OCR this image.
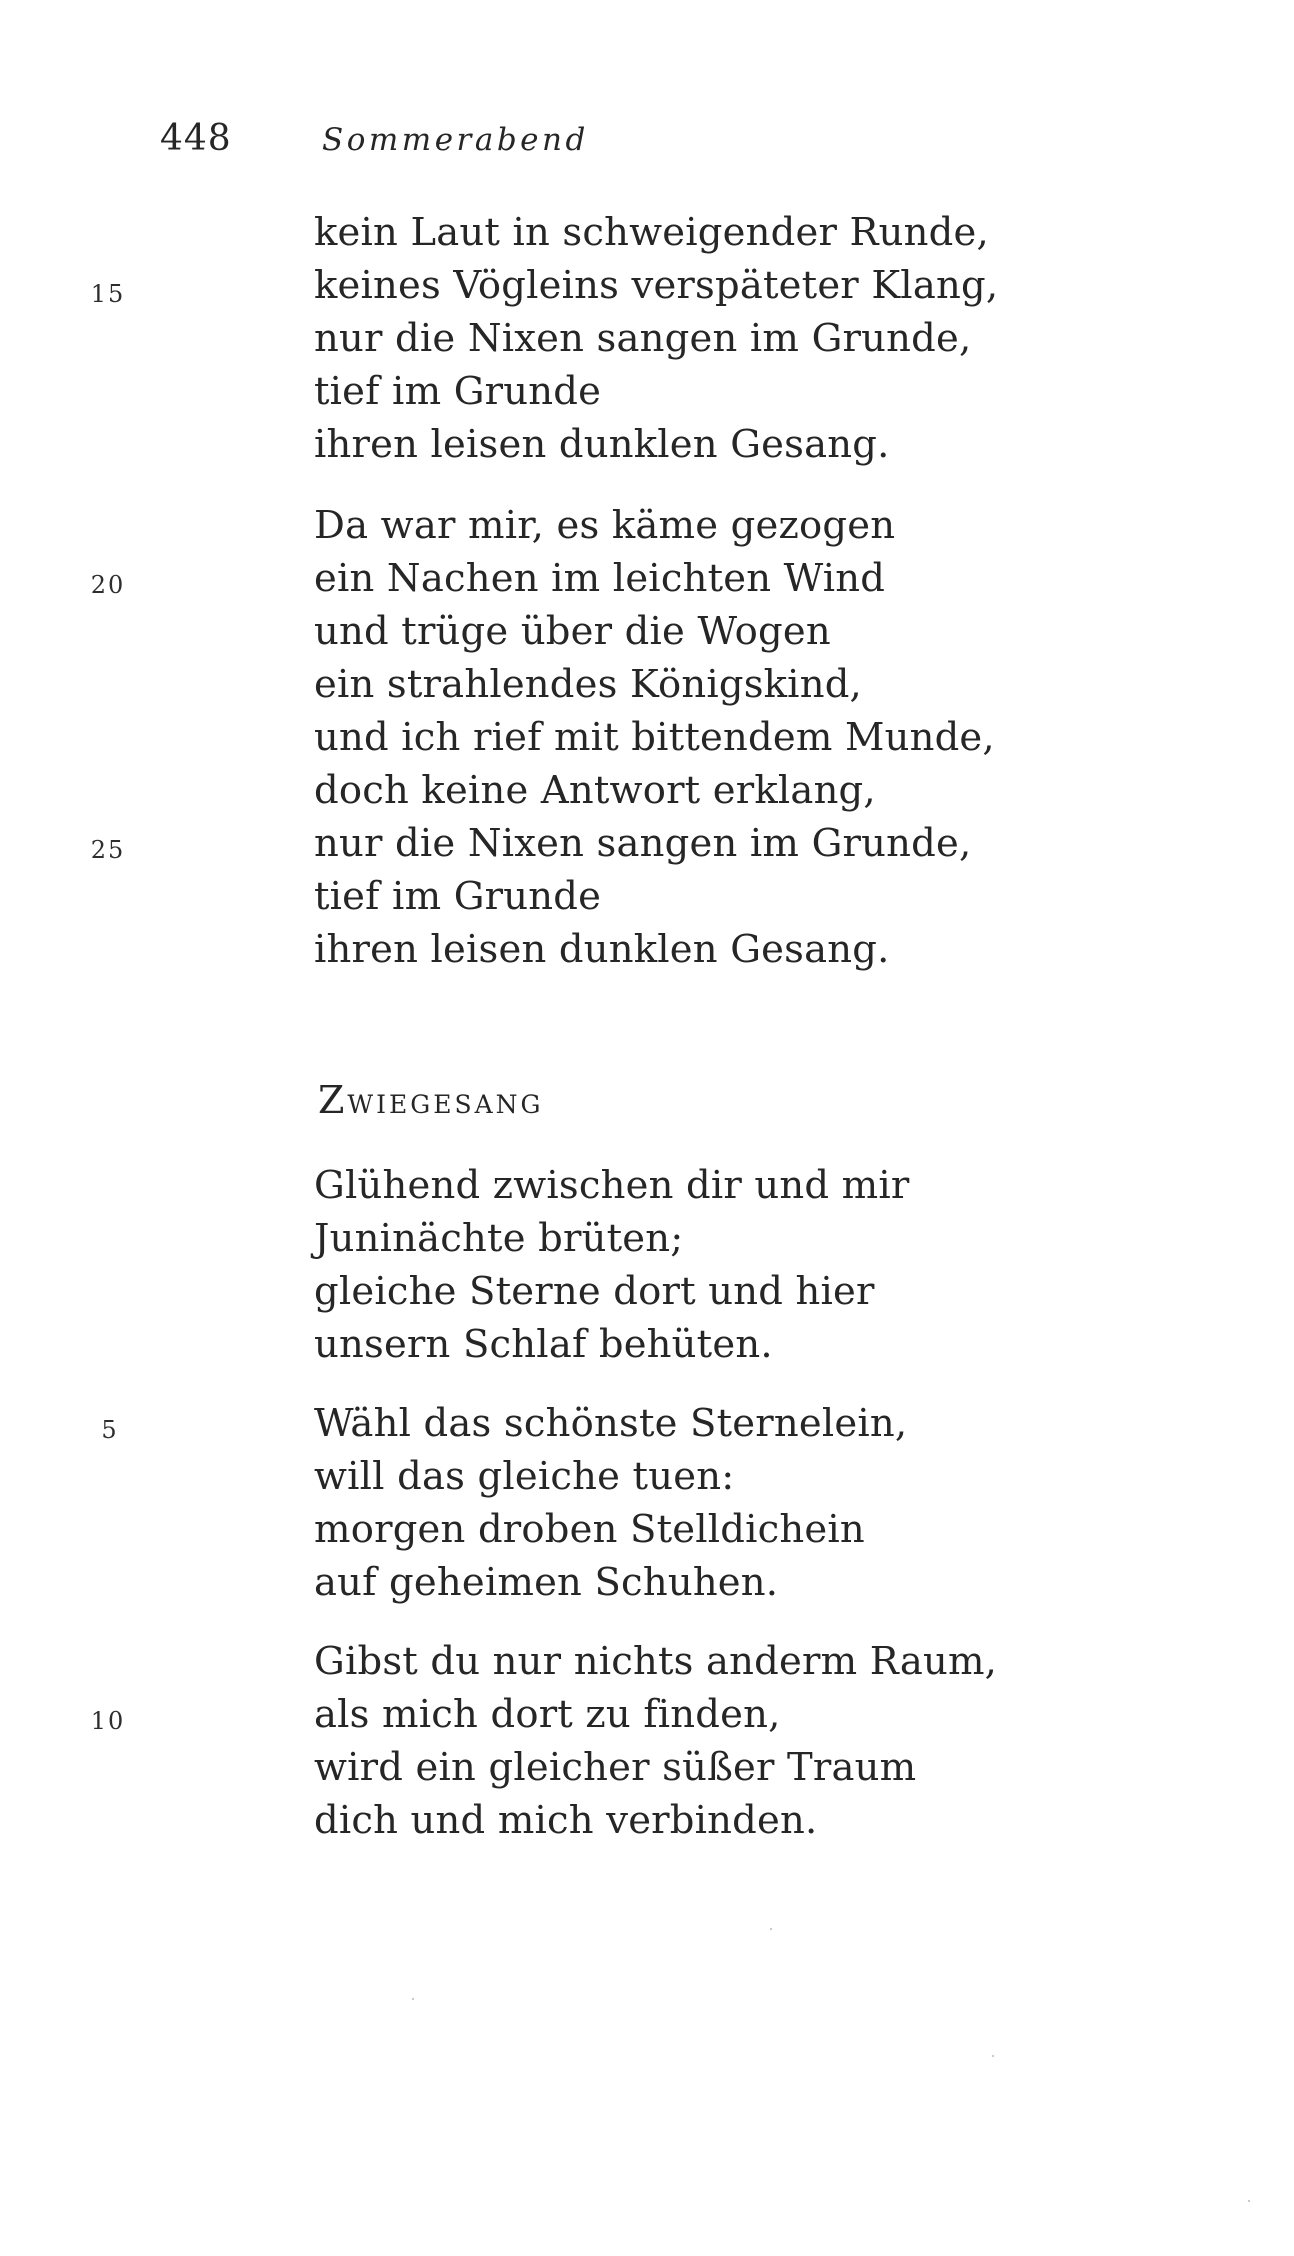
448	Sommerabend
kein Laut in schweigender Runde,
keines Vögleins verspäteter Klang,
nur die Nixen sangen im Grunde,
tief im Grunde
ihren leisen dunklen Gesang.
Da war mir, es käme gezogen
ein Nachen im leichten Wind
und trüge über die Wogen
ein strahlendes Königskind,
und ich rief mit bittendem Munde,
doch keine Antwort erklang,
nur die Nixen sangen im Grunde,
tief im Grunde
ihren leisen dunklen Gesang.
15
20
25
ZWIEGESANG
Glühend zwischen dir und mir
Juninächte brüten;
gleiche Sterne dort und hier
unsern Schlaf behüten.
Wähl das schönste Sternelein,
will das gleiche tuen:
morgen droben Stelldichein
auf geheimen Schuhen.
Gibst du nur nichts anderm Raum,
als mich dort zu finden,
wird ein gleicher süßer Traum
dich und mich verbinden.
5
10
